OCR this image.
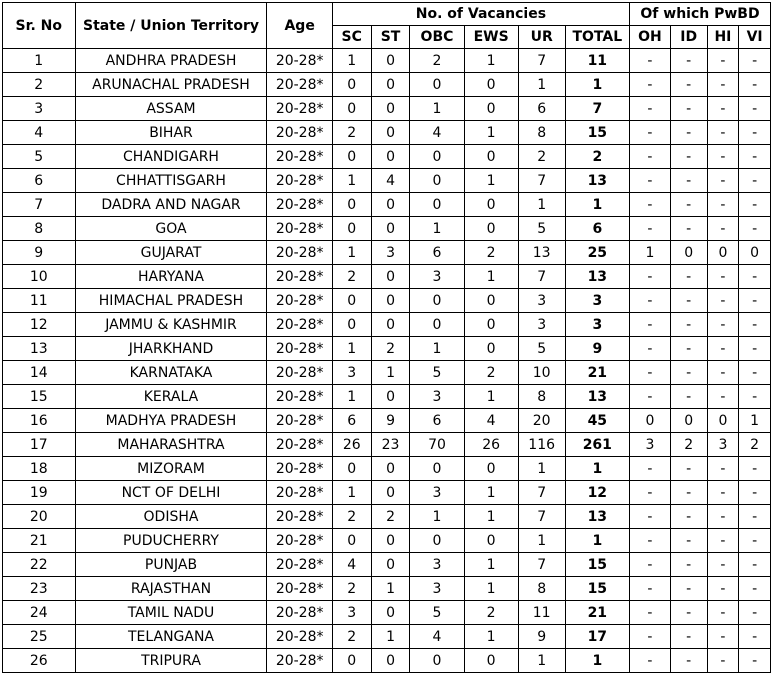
Sr. No	State / Union Territory	Age	No. of Vacancies						Of which PwBD			
			SC	ST	OBC	EWS	UR	TOTAL	OH	ID	HI	VI
1	ANDHRA PRADESH	20-28*	1	0	2	1	7	11	-	-	-	-
2	ARUNACHAL PRADESH	20-28*	0	0	0	0	1	1	-	-	-	-
3	ASSAM	20-28*	0	0	1	0	6	7	-	-	-	-
4	BIHAR	20-28*	2	0	4	1	8	15	-	-	-	-
5	CHANDIGARH	20-28*	0	0	0	0	2	2	-	-	-	-
6	CHHATTISGARH	20-28*	1	4	0	1	7	13	-	-	-	-
7	DADRA AND NAGAR	20-28*	0	0	0	0	1	1	-	-	-	-
8	GOA	20-28*	0	0	1	0	5	6	-	-	-	-
9	GUJARAT	20-28*	1	3	6	2	13	25	1	0	0	0
10	HARYANA	20-28*	2	0	3	1	7	13	-	-	-	-
11	HIMACHAL PRADESH	20-28*	0	0	0	0	3	3	-	-	-	-
12	JAMMU & KASHMIR	20-28*	0	0	0	0	3	3	-	-	-	-
13	JHARKHAND	20-28*	1	2	1	0	5	9	-	-	-	-
14	KARNATAKA	20-28*	3	1	5	2	10	21	-	-	-	-
15	KERALA	20-28*	1	0	3	1	8	13	-	-	-	-
16	MADHYA PRADESH	20-28*	6	9	6	4	20	45	0	0	0	1
17	MAHARASHTRA	20-28*	26	23	70	26	116	261	3	2	3	2
18	MIZORAM	20-28*	0	0	0	0	1	1	-	-	-	-
19	NCT OF DELHI	20-28*	1	0	3	1	7	12	-	-	-	-
20	ODISHA	20-28*	2	2	1	1	7	13	-	-	-	-
21	PUDUCHERRY	20-28*	0	0	0	0	1	1	-	-	-	-
22	PUNJAB	20-28*	4	0	3	1	7	15	-	-	-	-
23	RAJASTHAN	20-28*	2	1	3	1	8	15	-	-	-	-
24	TAMIL NADU	20-28*	3	0	5	2	11	21	-	-	-	-
25	TELANGANA	20-28*	2	1	4	1	9	17	-	-	-	-
26	TRIPURA	20-28*	0	0	0	0	1	1	-	-	-	-
